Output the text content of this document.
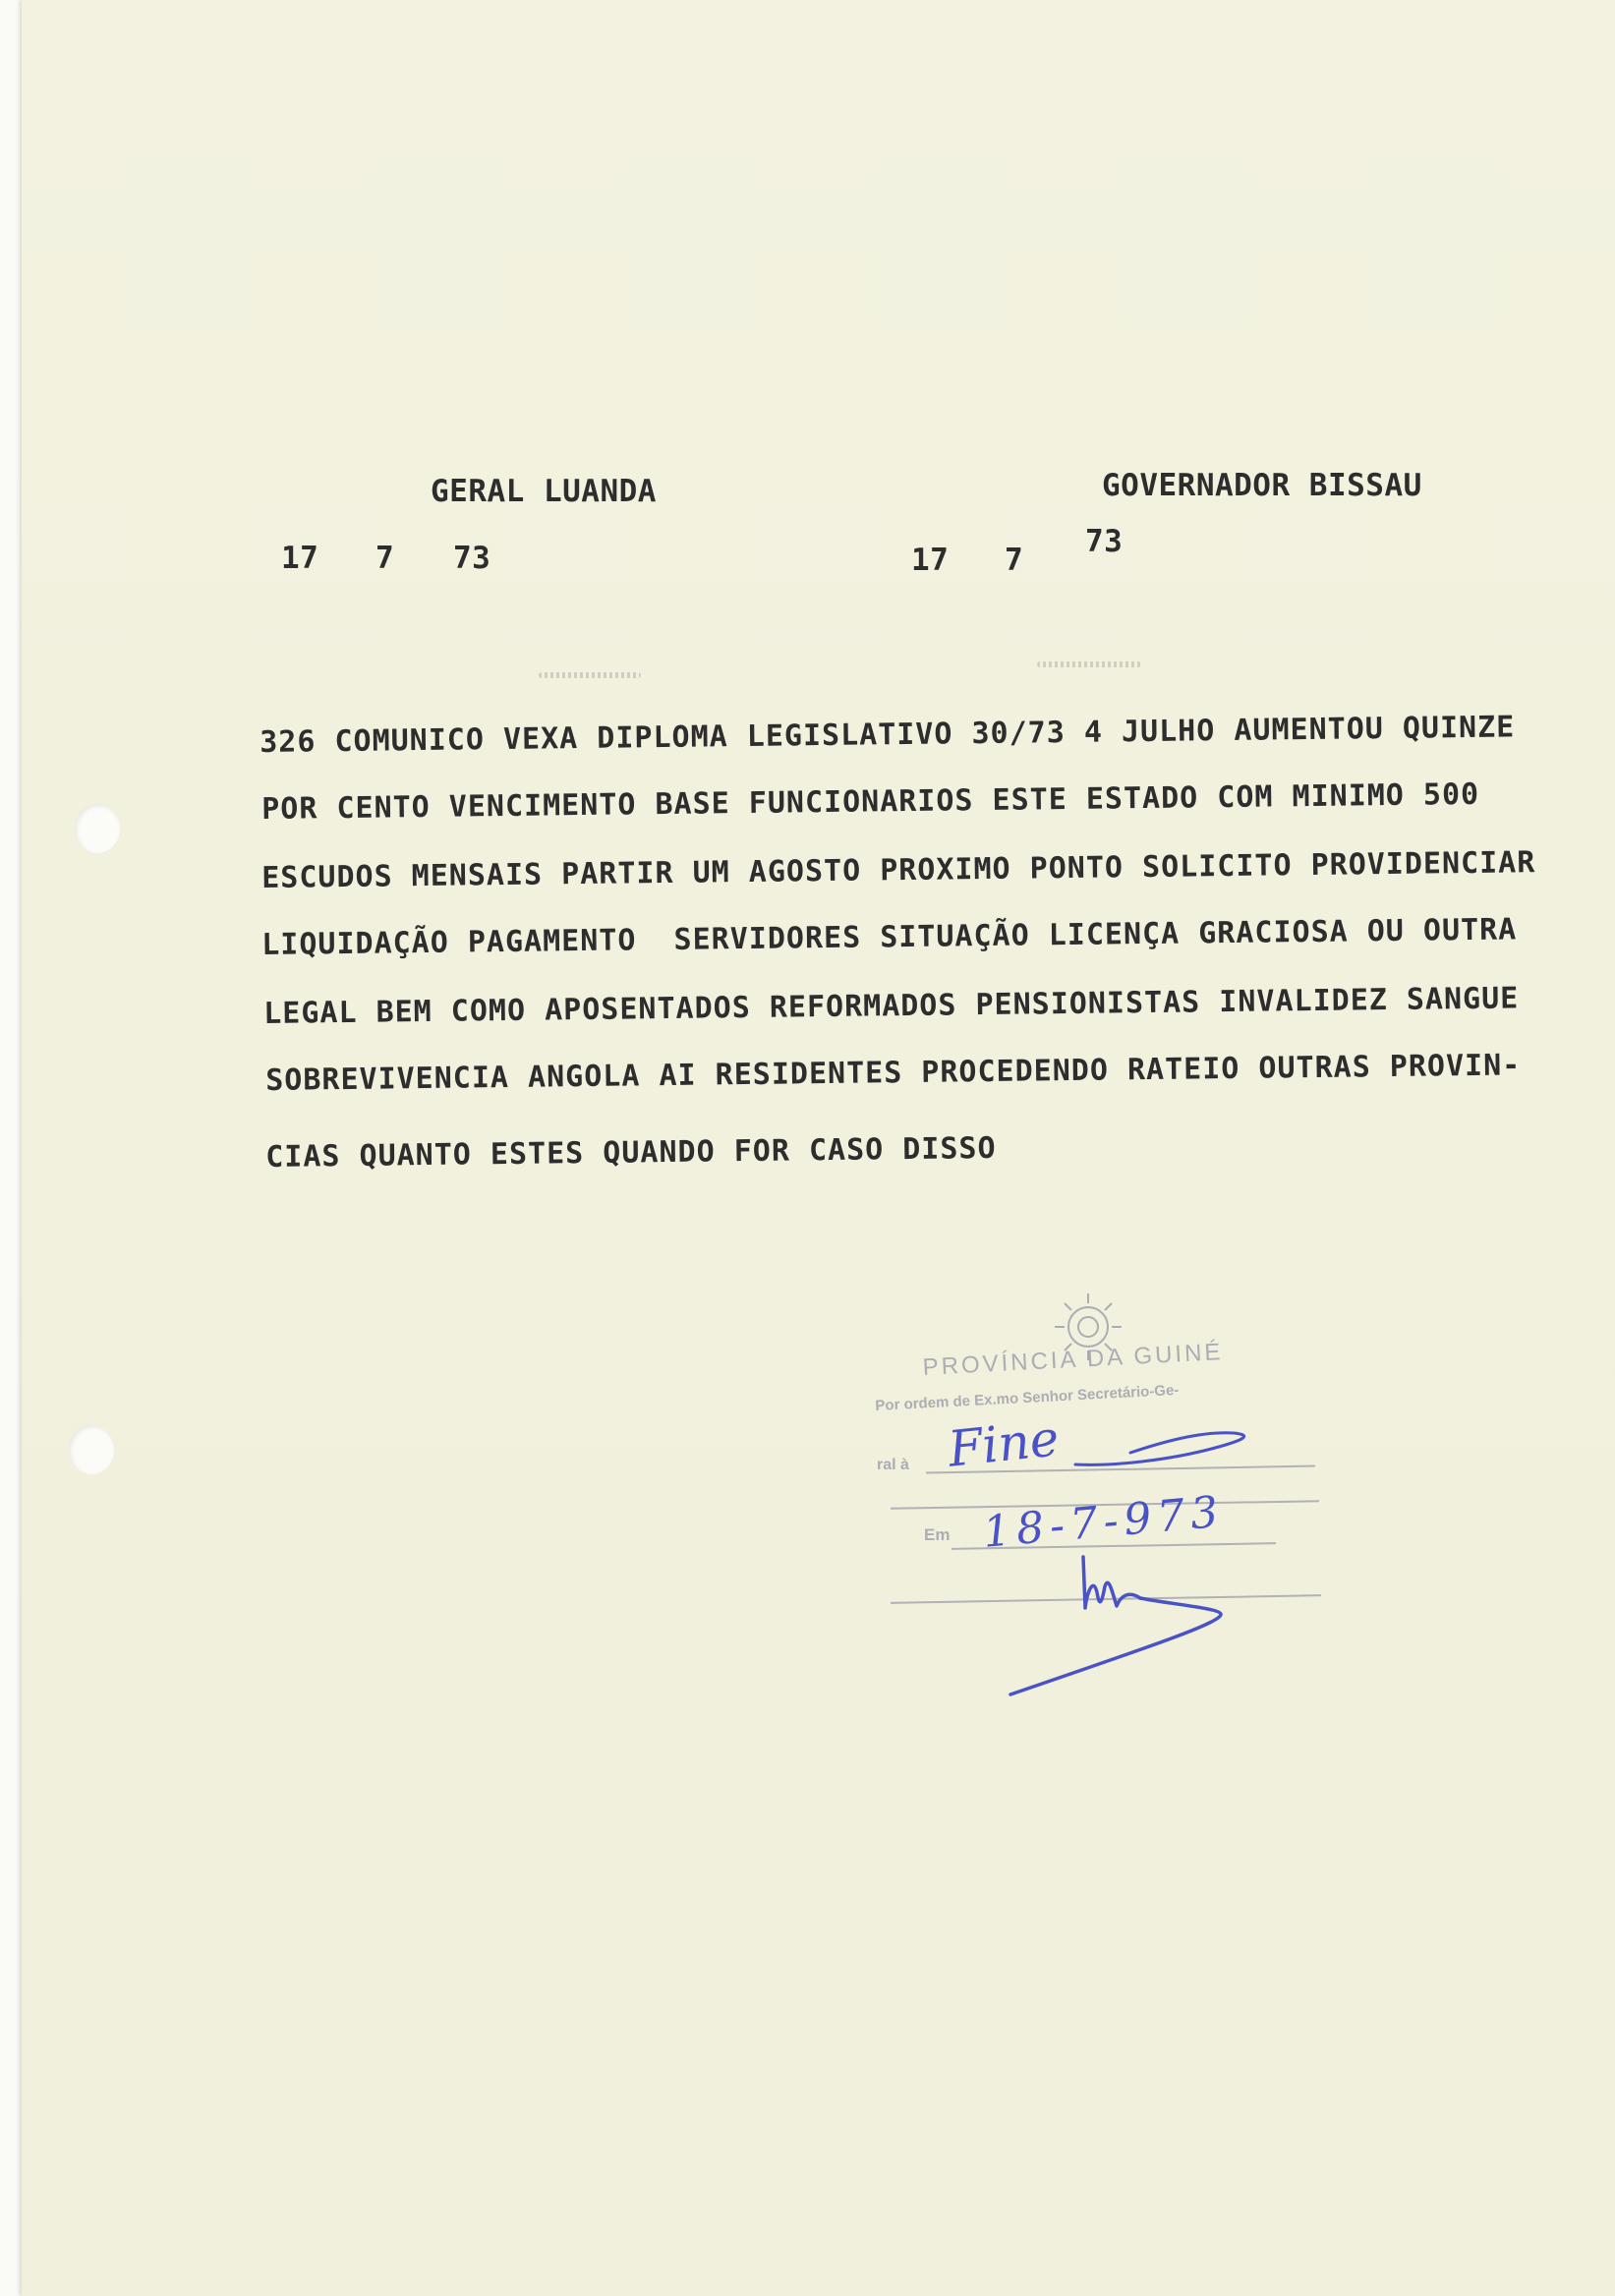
GERAL LUANDA	GOVERNADOR BISSAU
17 7 73	17 7
73
326 COMUNICO VEXA DIPLOMA LEGISLATIVO 30/73 4 JULHO AUMENTOU QUINZE
POR CENTO VENCIMENTO BASE FUNCIONARIOS ESTE ESTADO COM MINIMO 500
ESCUDOS MENSAIS PARTIR UM AGOSTO PROXIMO PONTO SOLICITO PROVIDENCIAR
LIQUIDAÇÃO PAGAMENTO  SERVIDORES SITUAÇÃO LICENÇA GRACIOSA OU OUTRA
LEGAL BEM COMO APOSENTADOS REFORMADOS PENSIONISTAS INVALIDEZ SANGUE
SOBREVIVENCIA ANGOLA AI RESIDENTES PROCEDENDO RATEIO OUTRAS PROVIN-
CIAS QUANTO ESTES QUANDO FOR CASO DISSO
PROVÍNCIA DA GUINÉ
Por ordem de Ex.mo Senhor Secretário-Ge-
ral à
Em
Fine
18-7-973
